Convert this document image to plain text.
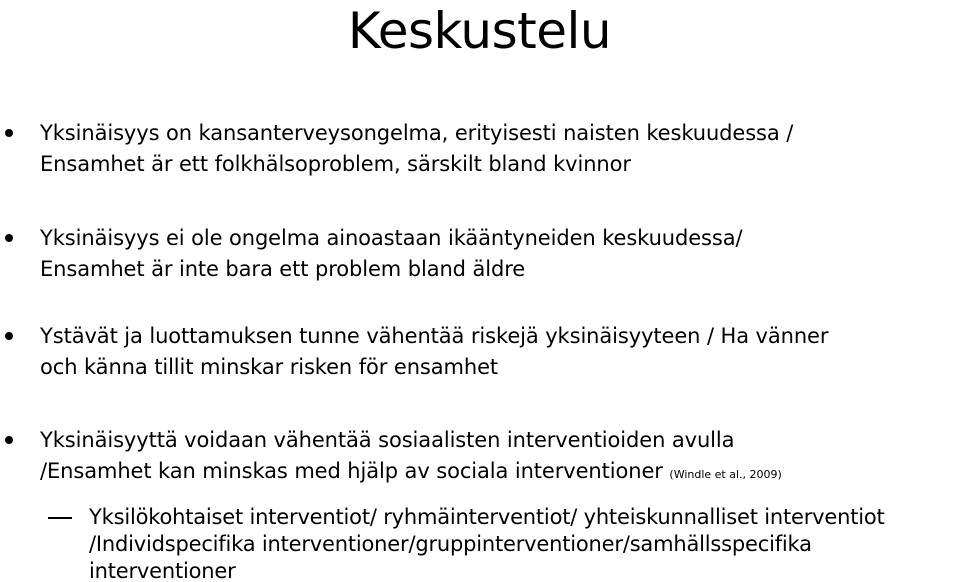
Keskustelu
Yksinäisyys on kansanterveysongelma, erityisesti naisten keskuudessa /
Ensamhet är ett folkhälsoproblem, särskilt bland kvinnor
Yksinäisyys ei ole ongelma ainoastaan ikääntyneiden keskuudessa/
Ensamhet är inte bara ett problem bland äldre
Ystävät ja luottamuksen tunne vähentää riskejä yksinäisyyteen / Ha vänner
och känna tillit minskar risken för ensamhet
Yksinäisyyttä voidaan vähentää sosiaalisten interventioiden avulla
/Ensamhet kan minskas med hjälp av sociala interventioner (Windle et al., 2009)
Yksilökohtaiset interventiot/ ryhmäinterventiot/ yhteiskunnalliset interventiot
/Individspecifika interventioner/gruppinterventioner/samhällsspecifika
interventioner
